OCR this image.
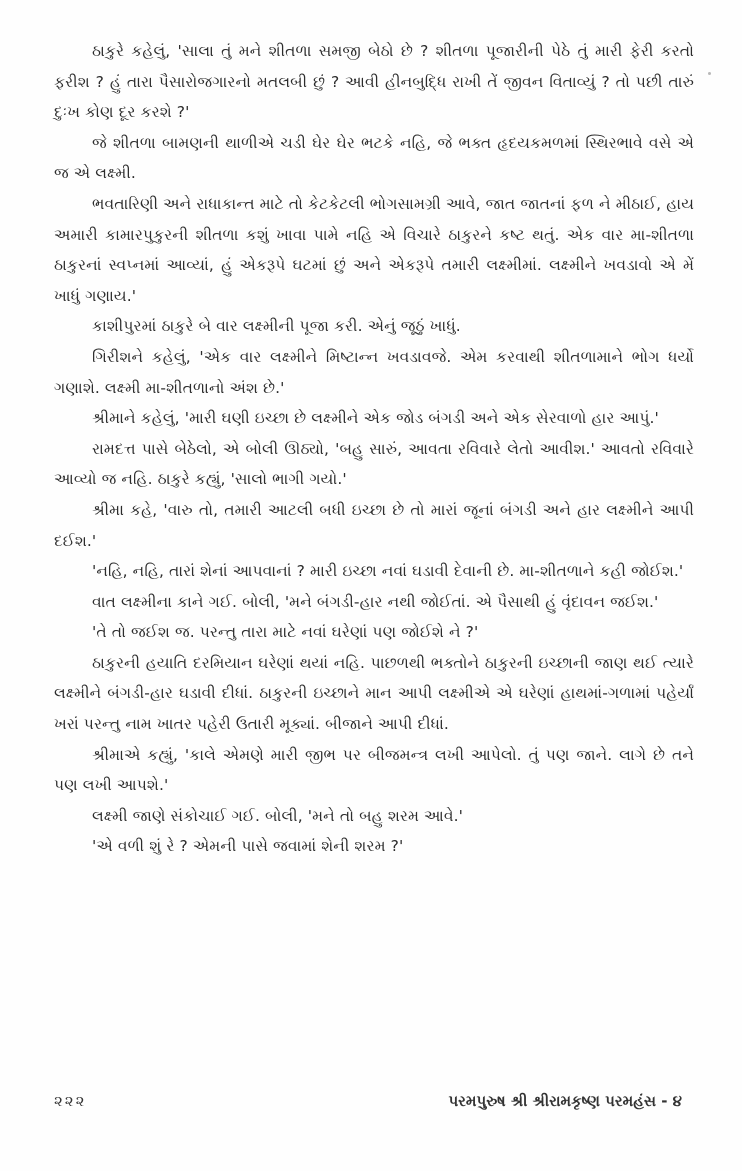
ઠાકુરે કહેલું, 'સાલા તું મને શીતળા સમજી બેઠો છે ? શીતળા પૂજારીની પેઠે તું મારી ફેરી કરતો ફરીશ ? હું તારા પૈસારોજગારનો મતલબી છું ? આવી હીનબુદ્ધિ રાખી તેં જીવન વિતાવ્યું ? તો પછી તારું દુઃખ કોણ દૂર કરશે ?'

જે શીતળા બામણની થાળીએ ચડી ઘેર ઘેર ભટકે નહિ, જે ભક્ત હૃદયકમળમાં સ્થિરભાવે વસે એ જ એ લક્ષ્મી.

ભવતારિણી અને રાધાકાન્ત માટે તો કેટકેટલી ભોગસામગ્રી આવે, જાત જાતનાં ફળ ને મીઠાઈ, હાય અમારી કામારપુકુરની શીતળા કશું ખાવા પામે નહિ એ વિચારે ઠાકુરને કષ્ટ થતું. એક વાર મા-શીતળા ઠાકુરનાં સ્વપ્નમાં આવ્યાં, હું એકરૂપે ઘટમાં છું અને એકરૂપે તમારી લક્ષ્મીમાં. લક્ષ્મીને ખવડાવો એ મેં ખાધું ગણાય.'

કાશીપુરમાં ઠાકુરે બે વાર લક્ષ્મીની પૂજા કરી. એનું જૂઠું ખાધું.

ગિરીશને કહેલું, 'એક વાર લક્ષ્મીને મિષ્ટાન્ન ખવડાવજે. એમ કરવાથી શીતળામાને ભોગ ધર્યો ગણાશે. લક્ષ્મી મા-શીતળાનો અંશ છે.'

શ્રીમાને કહેલું, 'મારી ઘણી ઇચ્છા છે લક્ષ્મીને એક જોડ બંગડી અને એક સેરવાળો હાર આપું.'

રામદત્ત પાસે બેઠેલો, એ બોલી ઊઠ્યો, 'બહુ સારું, આવતા રવિવારે લેતો આવીશ.' આવતો રવિવારે આવ્યો જ નહિ. ઠાકુરે કહ્યું, 'સાલો ભાગી ગયો.'

શ્રીમા કહે, 'વારુ તો, તમારી આટલી બધી ઇચ્છા છે તો મારાં જૂનાં બંગડી અને હાર લક્ષ્મીને આપી દઈશ.'

'નહિ, નહિ, તારાં શેનાં આપવાનાં ? મારી ઇચ્છા નવાં ઘડાવી દેવાની છે. મા-શીતળાને કહી જોઈશ.'

વાત લક્ષ્મીના કાને ગઈ. બોલી, 'મને બંગડી-હાર નથી જોઈતાં. એ પૈસાથી હું વૃંદાવન જઈશ.'

'તે તો જઈશ જ. પરન્તુ તારા માટે નવાં ઘરેણાં પણ જોઈશે ને ?'

ઠાકુરની હયાતિ દરમિયાન ઘરેણાં થયાં નહિ. પાછળથી ભક્તોને ઠાકુરની ઇચ્છાની જાણ થઈ ત્યારે લક્ષ્મીને બંગડી-હાર ઘડાવી દીધાં. ઠાકુરની ઇચ્છાને માન આપી લક્ષ્મીએ એ ઘરેણાં હાથમાં-ગળામાં પહેર્યાં ખરાં પરન્તુ નામ ખાતર પહેરી ઉતારી મૂક્યાં. બીજાને આપી દીધાં.

શ્રીમાએ કહ્યું, 'કાલે એમણે મારી જીભ પર બીજમન્ત્ર લખી આપેલો. તું પણ જાને. લાગે છે તને પણ લખી આપશે.'

લક્ષ્મી જાણે સંકોચાઈ ગઈ. બોલી, 'મને તો બહુ શરમ આવે.'

'એ વળી શું રે ? એમની પાસે જવામાં શેની શરમ ?'

૨૨૨	પરમપુરુષ શ્રી શ્રીરામકૃષ્ણ પરમહંસ - ૪
